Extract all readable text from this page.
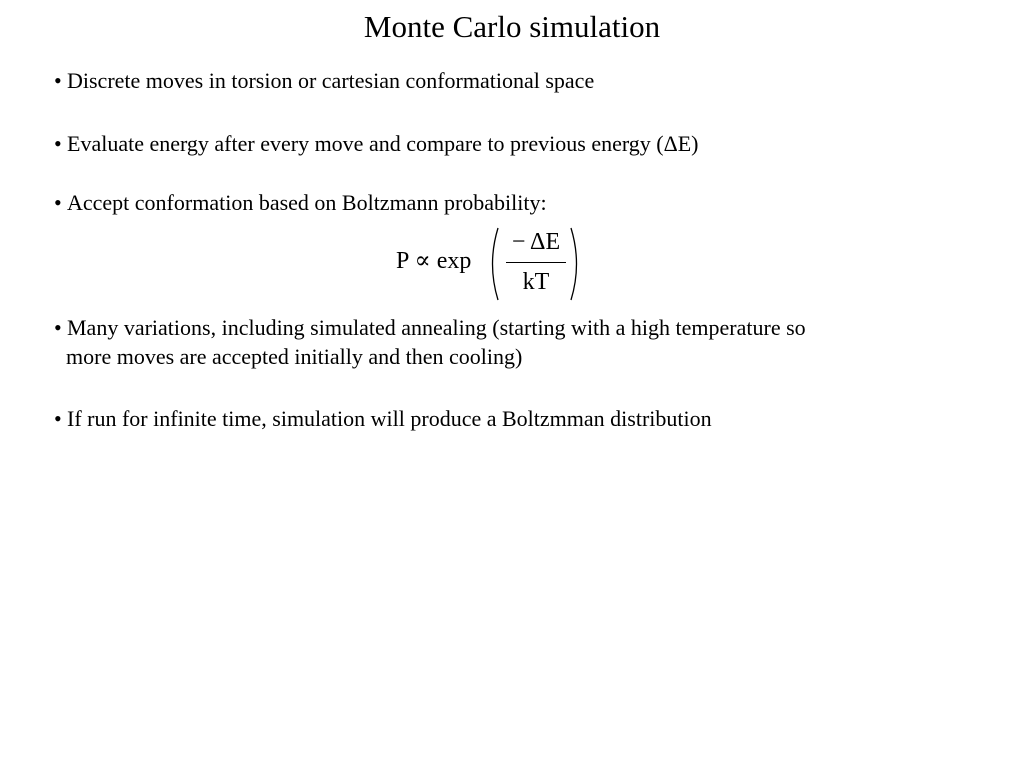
Monte Carlo simulation
• Discrete moves in torsion or cartesian conformational space
• Evaluate energy after every move and compare to previous energy (ΔE)
• Accept conformation based on Boltzmann probability:
P ∝ exp
− ΔE
kT
• Many variations, including simulated annealing (starting with a high temperature so
more moves are accepted initially and then cooling)
• If run for infinite time, simulation will produce a Boltzmman distribution
